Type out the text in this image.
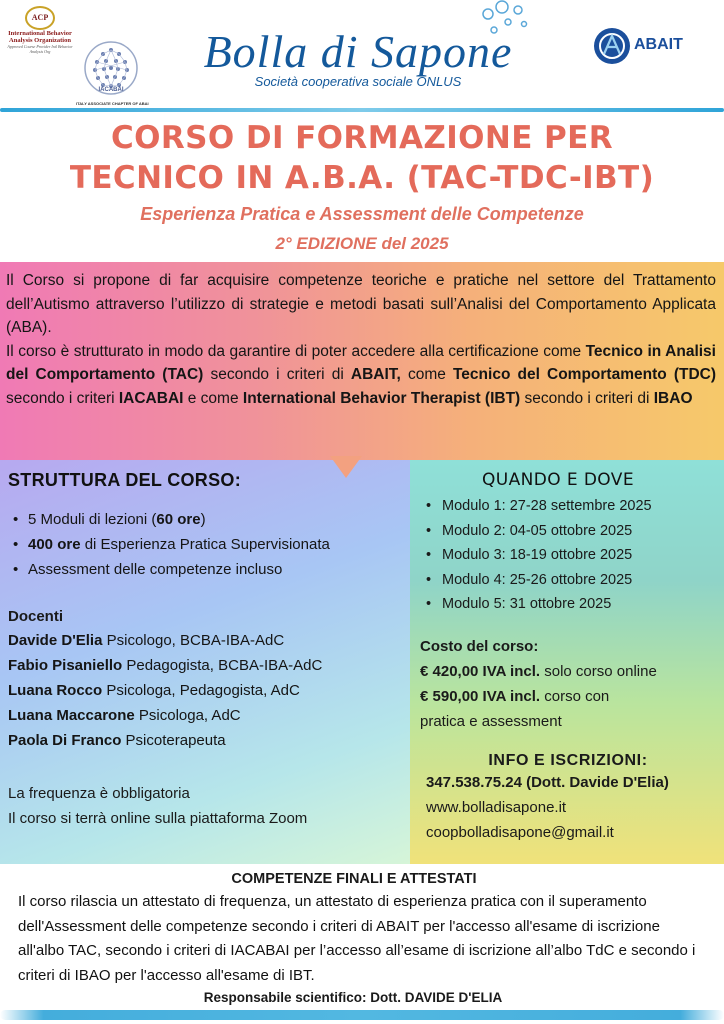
ACP
International Behavior
Analysis Organization
Approved Course Provider Intl Behavior Analysis Org
IACABAI
ITALY ASSOCIATE CHAPTER OF ABAI
Bolla di Sapone
Società cooperativa sociale ONLUS
ABAIT
CORSO DI FORMAZIONE PER
TECNICO IN A.B.A. (TAC-TDC-IBT)
Esperienza Pratica e Assessment delle Competenze
2° EDIZIONE del 2025

Il Corso si propone di far acquisire competenze teoriche e pratiche nel settore del Trattamento dell’Autismo attraverso l’utilizzo di strategie e metodi basati sull’Analisi del Comportamento Applicata (ABA).

Il corso è strutturato in modo da garantire di poter accedere alla certificazione come Tecnico in Analisi del Comportamento (TAC) secondo i criteri di ABAIT, come Tecnico del Comportamento (TDC) secondo i criteri IACABAI e come International Behavior Therapist (IBT) secondo i criteri di IBAO

STRUTTURA DEL CORSO:
• 5 Moduli di lezioni (60 ore)
• 400 ore di Esperienza Pratica Supervisionata
• Assessment delle competenze incluso
Docenti
Davide D'Elia Psicologo, BCBA-IBA-AdC
Fabio Pisaniello Pedagogista, BCBA-IBA-AdC
Luana Rocco Psicologa, Pedagogista, AdC
Luana Maccarone Psicologa, AdC
Paola Di Franco Psicoterapeuta
La frequenza è obbligatoria
Il corso si terrà online sulla piattaforma Zoom
QUANDO E DOVE
• Modulo 1: 27-28 settembre 2025
• Modulo 2: 04-05 ottobre 2025
• Modulo 3: 18-19 ottobre 2025
• Modulo 4: 25-26 ottobre 2025
• Modulo 5: 31 ottobre 2025
Costo del corso:
€ 420,00 IVA incl. solo corso online
€ 590,00 IVA incl. corso con
pratica e assessment
INFO E ISCRIZIONI:
347.538.75.24 (Dott. Davide D'Elia)
www.bolladisapone.it
coopbolladisapone@gmail.it
COMPETENZE FINALI E ATTESTATI
Il corso rilascia un attestato di frequenza, un attestato di esperienza pratica con il superamento dell'Assessment delle competenze secondo i criteri di ABAIT per l'accesso all'esame di iscrizione all'albo TAC, secondo i criteri di IACABAI per l’accesso all’esame di iscrizione all’albo TdC e secondo i criteri di IBAO per l'accesso all'esame di IBT.
Responsabile scientifico: Dott. DAVIDE D'ELIA
